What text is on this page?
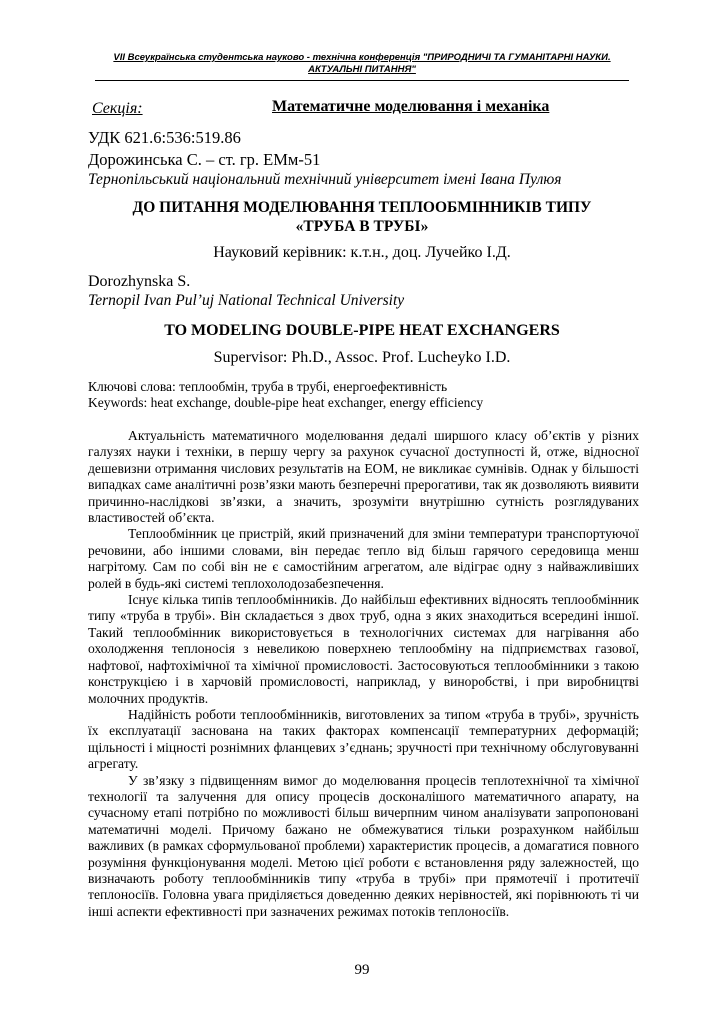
VII Всеукраїнська студентська науково - технічна конференція "ПРИРОДНИЧІ ТА ГУМАНІТАРНІ НАУКИ.
АКТУАЛЬНІ ПИТАННЯ"
Секція:	Математичне моделювання і механіка
УДК 621.6:536:519.86
Дорожинська С. – ст. гр. ЕМм-51
Тернопільський національний технічний університет імені Івана Пулюя
ДО ПИТАННЯ МОДЕЛЮВАННЯ ТЕПЛООБМІННИКІВ ТИПУ
«ТРУБА В ТРУБІ»
Науковий керівник: к.т.н., доц. Лучейко І.Д.
Dorozhynska S.
Ternopil Ivan Pul’uj National Technical University
TO MODELING DOUBLE-PIPE HEAT EXCHANGERS
Supervisor: Ph.D., Assoc. Prof. Lucheyko I.D.
Ключові слова: теплообмін, труба в трубі, енергоефективність
Keywords: heat exchange, double-pipe heat exchanger, energy efficiency

Актуальність математичного моделювання дедалі ширшого класу об’єктів у різних галузях науки і техніки, в першу чергу за рахунок сучасної доступності й, отже, відносної дешевизни отримання числових результатів на ЕОМ, не викликає сумнівів. Однак у більшості випадках саме аналітичні розв’язки мають безперечні прерогативи, так як дозволяють виявити причинно-наслідкові зв’язки, а значить, зрозуміти внутрішню сутність розглядуваних властивостей об’єкта.

Теплообмінник це пристрій, який призначений для зміни температури транспортуючої речовини, або іншими словами, він передає тепло від більш гарячого середовища менш нагрітому. Сам по собі він не є самостійним агрегатом, але відіграє одну з найважливіших ролей в будь-які системі теплохолодозабезпечення.

Існує кілька типів теплообмінників. До найбільш ефективних відносять теплообмінник типу «труба в трубі». Він складається з двох труб, одна з яких знаходиться всередині іншої. Такий теплообмінник використовується в технологічних системах для нагрівання або охолодження теплоносія з невеликою поверхнею теплообміну на підприємствах газової, нафтової, нафтохімічної та хімічної промисловості. Застосовуються теплообмінники з такою конструкцією і в харчовій промисловості, наприклад, у виноробстві, і при виробництві молочних продуктів.

Надійність роботи теплообмінників, виготовлених за типом «труба в трубі», зручність їх експлуатації заснована на таких факторах компенсації температурних деформацій; щільності і міцності рознімних фланцевих з’єднань; зручності при технічному обслуговуванні агрегату.

У зв’язку з підвищенням вимог до моделювання процесів теплотехнічної та хімічної технології та залучення для опису процесів досконалішого математичного апарату, на сучасному етапі потрібно по можливості більш вичерпним чином аналізувати запропоновані математичні моделі. Причому бажано не обмежуватися тільки розрахунком найбільш важливих (в рамках сформульованої проблеми) характеристик процесів, а домагатися повного розуміння функціонування моделі. Метою цієї роботи є встановлення ряду залежностей, що визначають роботу теплообмінників типу «труба в трубі» при прямотечії і протитечії теплоносіїв. Головна увага приділяється доведенню деяких нерівностей, які порівнюють ті чи інші аспекти ефективності при зазначених режимах потоків теплоносіїв.

99
